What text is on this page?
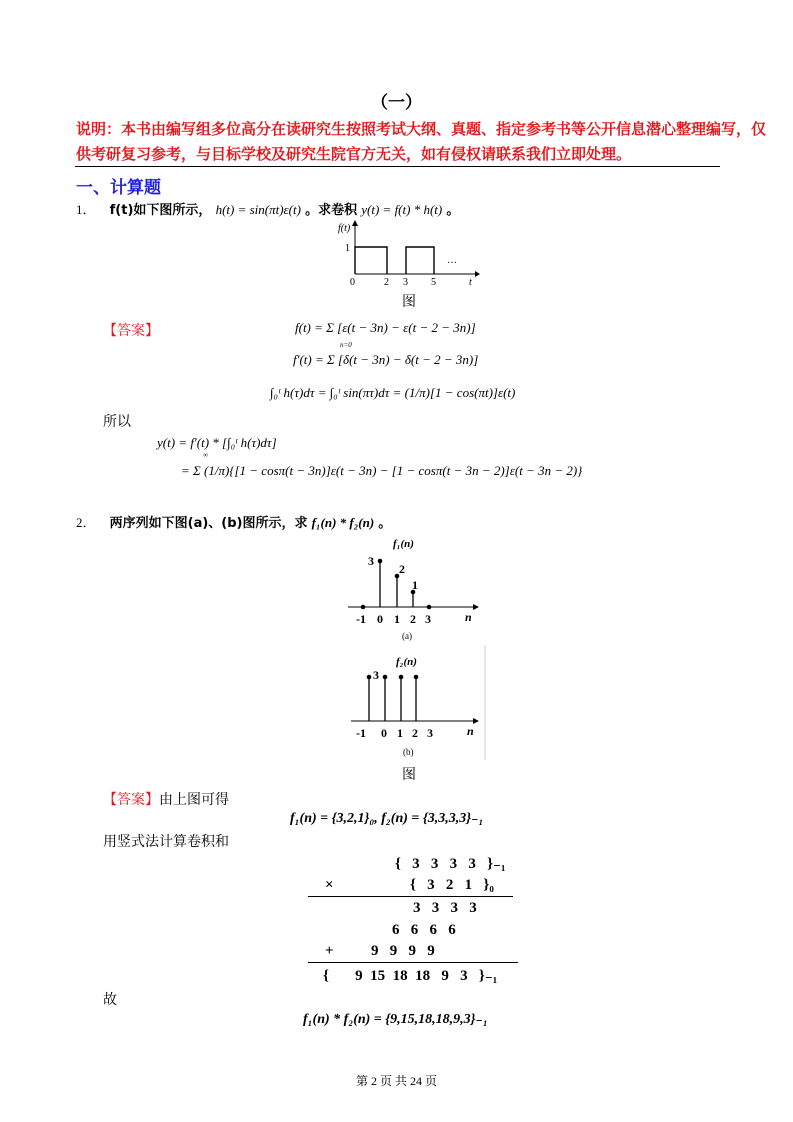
（一）
说明：本书由编写组多位高分在读研究生按照考试大纲、真题、指定参考书等公开信息潜心整理编写，仅
供考研复习参考，与目标学校及研究生院官方无关，如有侵权请联系我们立即处理。
一、计算题
1． f(t)如下图所示， h(t) = sin(πt)ε(t) 。求卷积 y(t) = f(t) * h(t) 。
f(t)
1
0	2 3 5	t
…
图
【答案】	f(t) = Σ [ε(t − 3n) − ε(t − 2 − 3n)]
n=0
f′(t) = Σ [δ(t − 3n) − δ(t − 2 − 3n)]
∫₀ᵗ h(τ)dτ = ∫₀ᵗ sin(πτ)dτ = (1/π)[1 − cos(πt)]ε(t)
所以
y(t) = f′(t) * [∫₀ᵗ h(τ)dτ]
∞
= Σ (1/π){[1 − cosπ(t − 3n)]ε(t − 3n) − [1 − cosπ(t − 3n − 2)]ε(t − 3n − 2)}
2． 两序列如下图(a)、(b)图所示，求 f₁(n) * f₂(n) 。
f₁(n)
3
2
1
-1 0 1 2 3	n
(a)
f₂(n)
3
-1 0 1 2 3	n
(b)
图
【答案】由上图可得
f₁(n) = {3,2,1}₀, f₂(n) = {3,3,3,3}₋₁
用竖式法计算卷积和
{   3   3   3   3   }₋₁
×	{   3   2   1   }₀
3   3   3   3
6   6   6   6
+ 9   9   9   9
{       9  15  18  18   9   3   }₋₁
故
f₁(n) * f₂(n) = {9,15,18,18,9,3}₋₁
第 2 页 共 24 页
